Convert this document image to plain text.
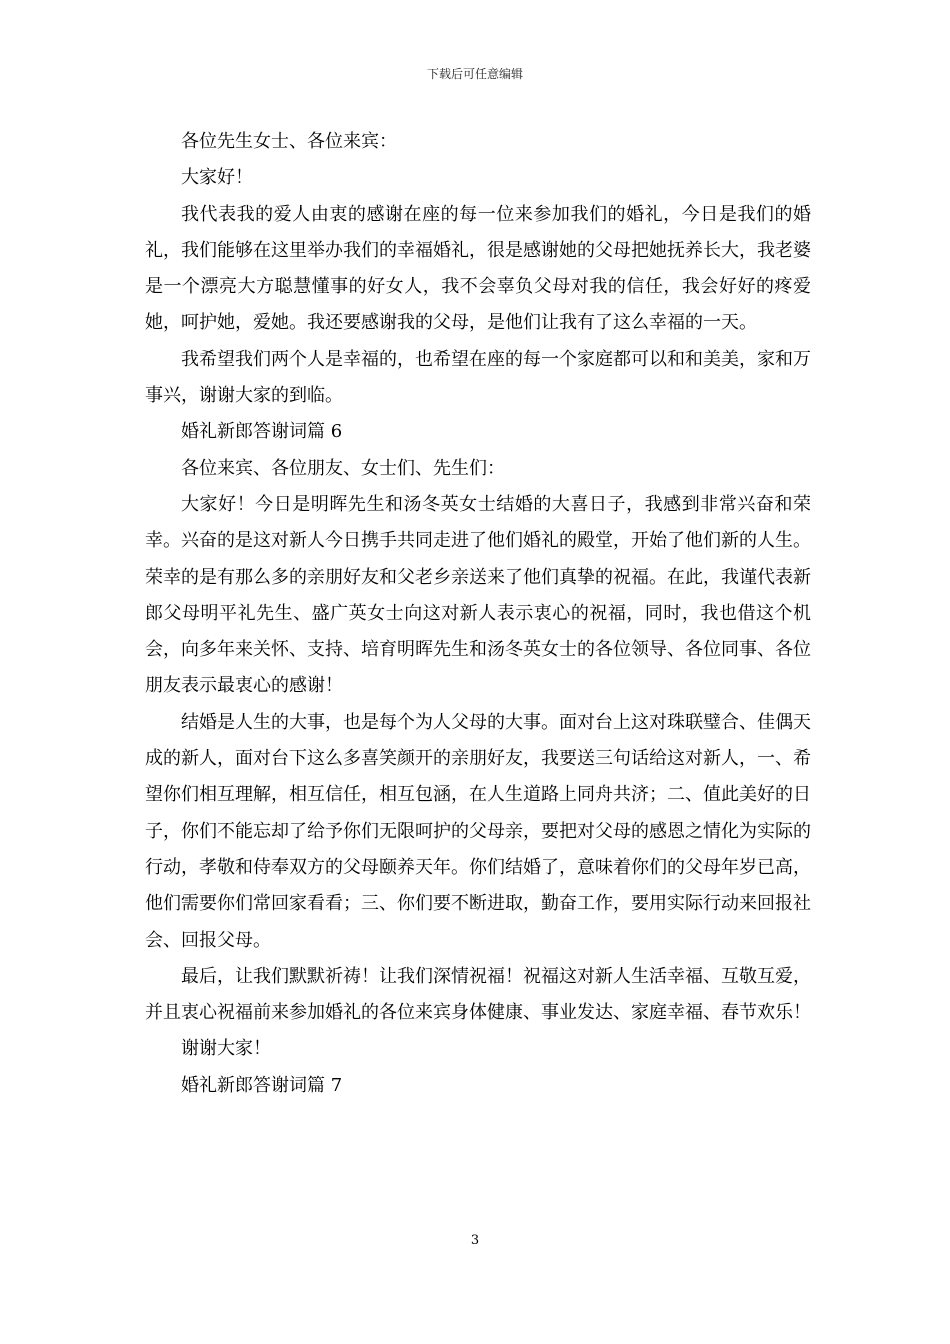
下载后可任意编辑

各位先生女士、各位来宾：

大家好！

我代表我的爱人由衷的感谢在座的每一位来参加我们的婚礼，今日是我们的婚礼，我们能够在这里举办我们的幸福婚礼，很是感谢她的父母把她抚养长大，我老婆是一个漂亮大方聪慧懂事的好女人，我不会辜负父母对我的信任，我会好好的疼爱她，呵护她，爱她。我还要感谢我的父母，是他们让我有了这么幸福的一天。

我希望我们两个人是幸福的，也希望在座的每一个家庭都可以和和美美，家和万事兴，谢谢大家的到临。

婚礼新郎答谢词篇 6

各位来宾、各位朋友、女士们、先生们：

大家好！今日是明晖先生和汤冬英女士结婚的大喜日子，我感到非常兴奋和荣幸。兴奋的是这对新人今日携手共同走进了他们婚礼的殿堂，开始了他们新的人生。荣幸的是有那么多的亲朋好友和父老乡亲送来了他们真挚的祝福。在此，我谨代表新郎父母明平礼先生、盛广英女士向这对新人表示衷心的祝福，同时，我也借这个机会，向多年来关怀、支持、培育明晖先生和汤冬英女士的各位领导、各位同事、各位朋友表示最衷心的感谢！

结婚是人生的大事，也是每个为人父母的大事。面对台上这对珠联璧合、佳偶天成的新人，面对台下这么多喜笑颜开的亲朋好友，我要送三句话给这对新人，一、希望你们相互理解，相互信任，相互包涵，在人生道路上同舟共济；二、值此美好的日子，你们不能忘却了给予你们无限呵护的父母亲，要把对父母的感恩之情化为实际的行动，孝敬和侍奉双方的父母颐养天年。你们结婚了，意味着你们的父母年岁已高，他们需要你们常回家看看；三、你们要不断进取，勤奋工作，要用实际行动来回报社会、回报父母。

最后，让我们默默祈祷！让我们深情祝福！祝福这对新人生活幸福、互敬互爱，并且衷心祝福前来参加婚礼的各位来宾身体健康、事业发达、家庭幸福、春节欢乐！

谢谢大家！

婚礼新郎答谢词篇 7

3
